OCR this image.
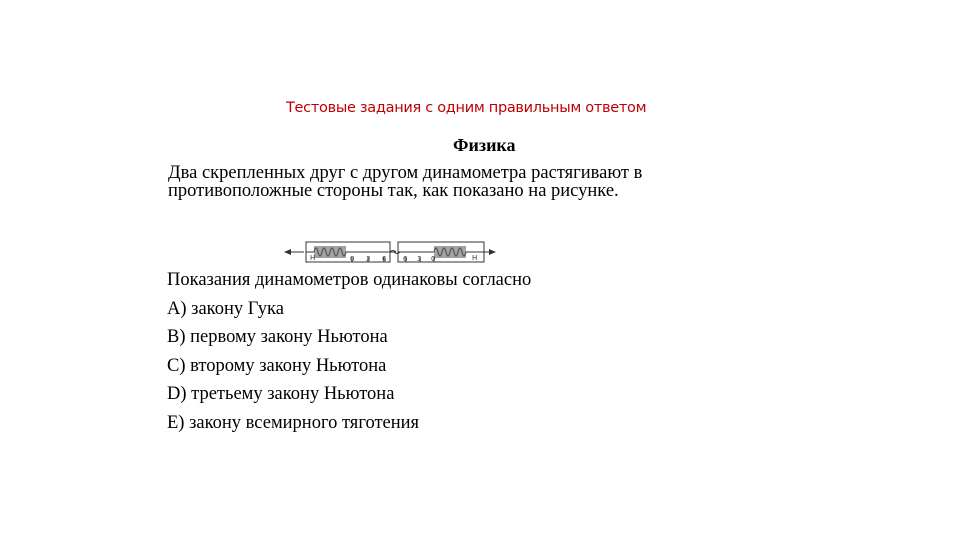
Тестовые задания с одним правильным ответом
Физика
Два скрепленных друг с другом динамометра растягивают в
противоположные стороны так, как показано на рисунке.
Н	0 3 6 6 3 0	Н
Показания динамометров одинаковы согласно
A) закону Гука
B) первому закону Ньютона
C) второму закону Ньютона
D) третьему закону Ньютона
E) закону всемирного тяготения
